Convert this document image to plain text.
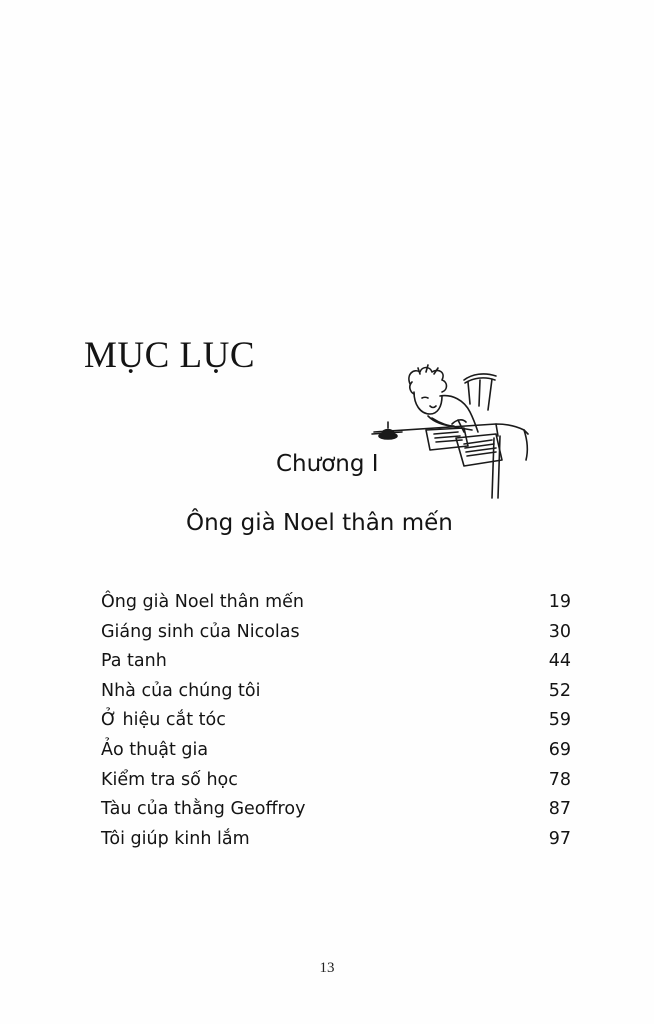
MỤC LỤC

Chương I

Ông già Noel thân mến

Ông già Noel thân mến	19
Giáng sinh của Nicolas	30
Pa tanh	44
Nhà của chúng tôi	52
Ở hiệu cắt tóc	59
Ảo thuật gia	69
Kiểm tra số học	78
Tàu của thằng Geoffroy	87
Tôi giúp kinh lắm	97
13
